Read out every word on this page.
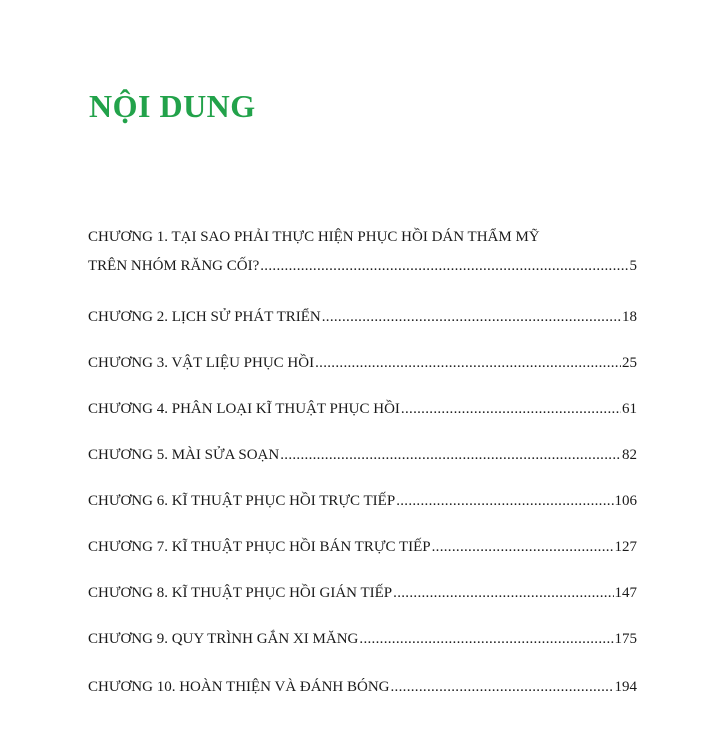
NỘI DUNG
CHƯƠNG 1. TẠI SAO PHẢI THỰC HIỆN PHỤC HỒI DÁN THẨM MỸ
TRÊN NHÓM RĂNG CỐI? .....	5
CHƯƠNG 2. LỊCH SỬ PHÁT TRIỂN .....	18
CHƯƠNG 3. VẬT LIỆU PHỤC HỒI .....	25
CHƯƠNG 4. PHÂN LOẠI KĨ THUẬT PHỤC HỒI .....	61
CHƯƠNG 5. MÀI SỬA SOẠN .....	82
CHƯƠNG 6. KĨ THUẬT PHỤC HỒI TRỰC TIẾP .....	106
CHƯƠNG 7. KĨ THUẬT PHỤC HỒI BÁN TRỰC TIẾP .....	127
CHƯƠNG 8. KĨ THUẬT PHỤC HỒI GIÁN TIẾP .....	147
CHƯƠNG 9. QUY TRÌNH GẮN XI MĂNG .....	175
CHƯƠNG 10. HOÀN THIỆN VÀ ĐÁNH BÓNG .....	194
